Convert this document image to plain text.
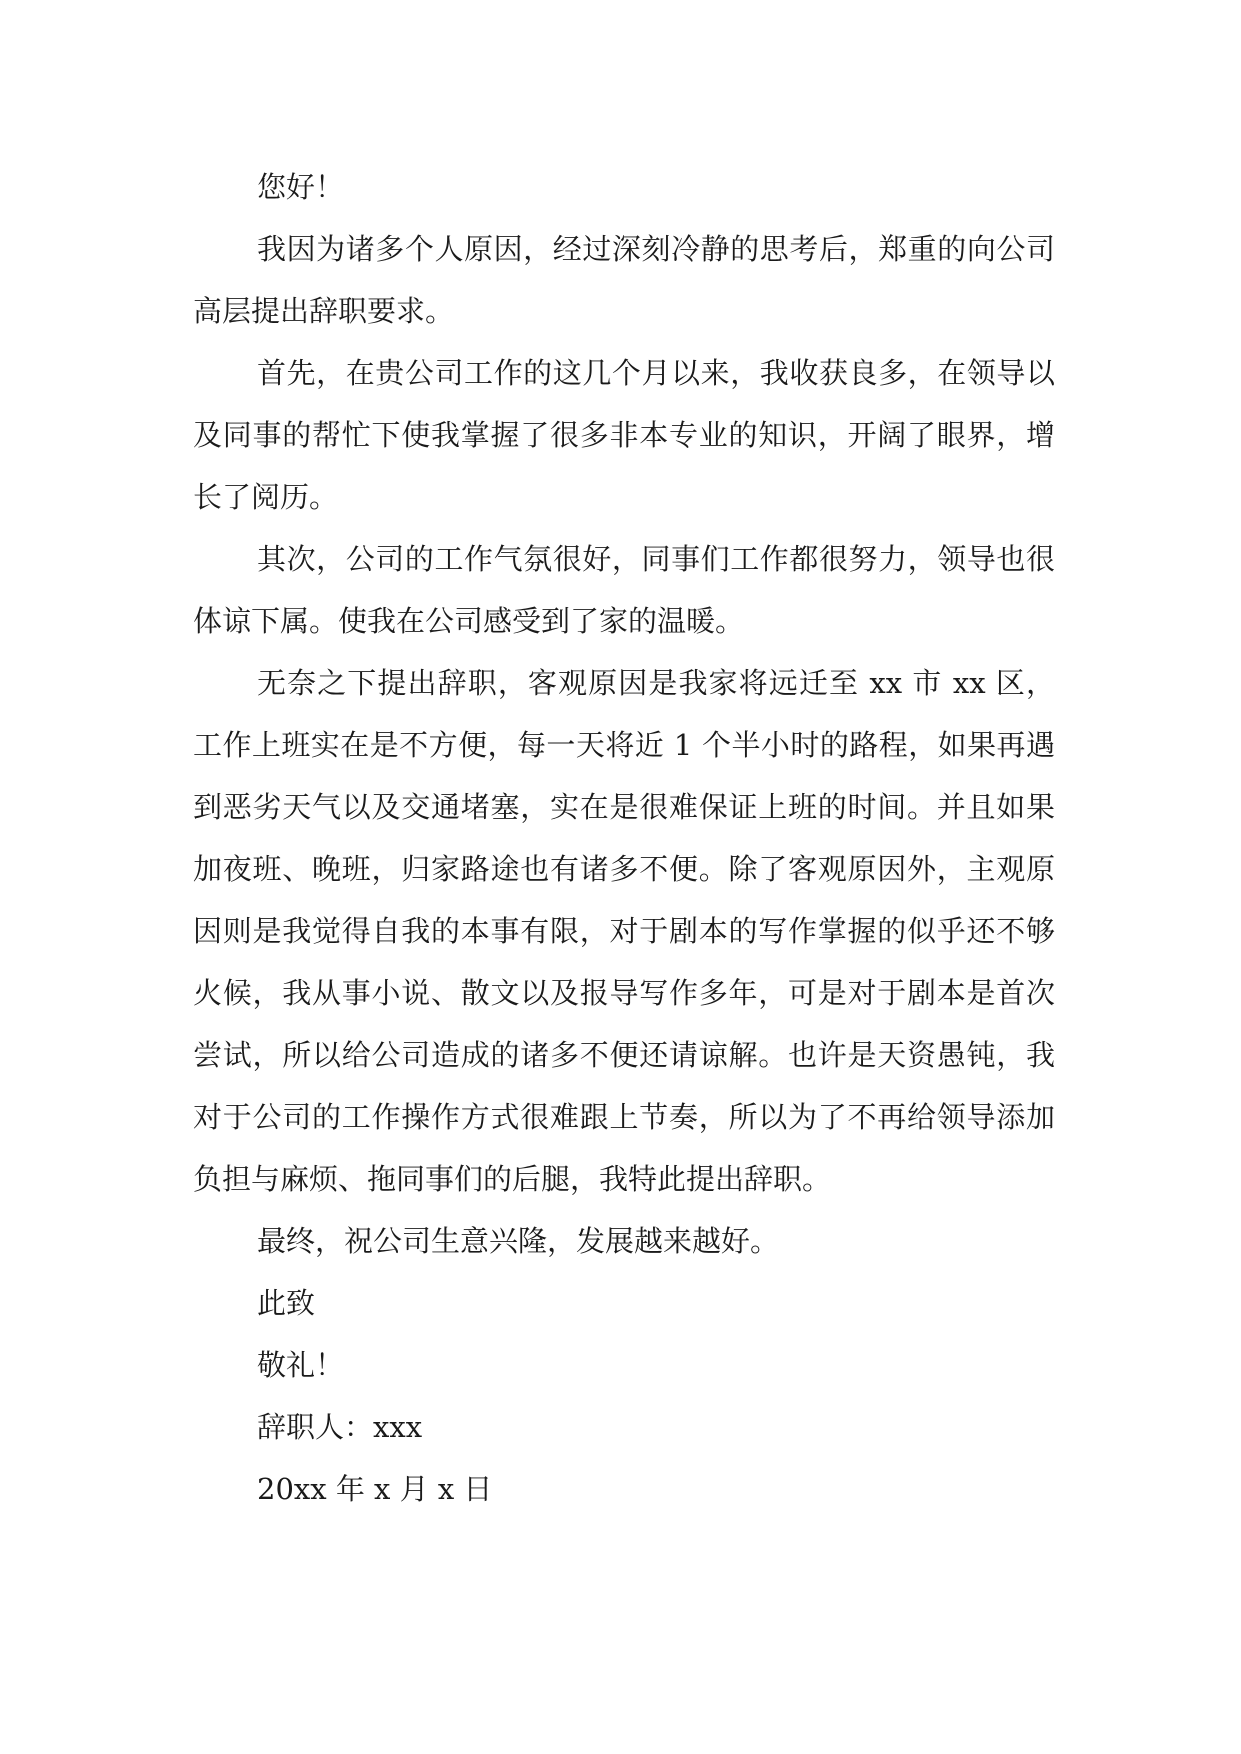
您好！
我因为诸多个人原因，经过深刻冷静的思考后，郑重的向公司高层提出辞职要求。
首先，在贵公司工作的这几个月以来，我收获良多，在领导以及同事的帮忙下使我掌握了很多非本专业的知识，开阔了眼界，增长了阅历。
其次，公司的工作气氛很好，同事们工作都很努力，领导也很体谅下属。使我在公司感受到了家的温暖。
无奈之下提出辞职，客观原因是我家将远迁至 xx 市 xx 区，工作上班实在是不方便，每一天将近 1 个半小时的路程，如果再遇到恶劣天气以及交通堵塞，实在是很难保证上班的时间。并且如果加夜班、晚班，归家路途也有诸多不便。除了客观原因外，主观原因则是我觉得自我的本事有限，对于剧本的写作掌握的似乎还不够火候，我从事小说、散文以及报导写作多年，可是对于剧本是首次尝试，所以给公司造成的诸多不便还请谅解。也许是天资愚钝，我对于公司的工作操作方式很难跟上节奏，所以为了不再给领导添加负担与麻烦、拖同事们的后腿，我特此提出辞职。
最终，祝公司生意兴隆，发展越来越好。
此致
敬礼！
辞职人：xxx
20xx 年 x 月 x 日
